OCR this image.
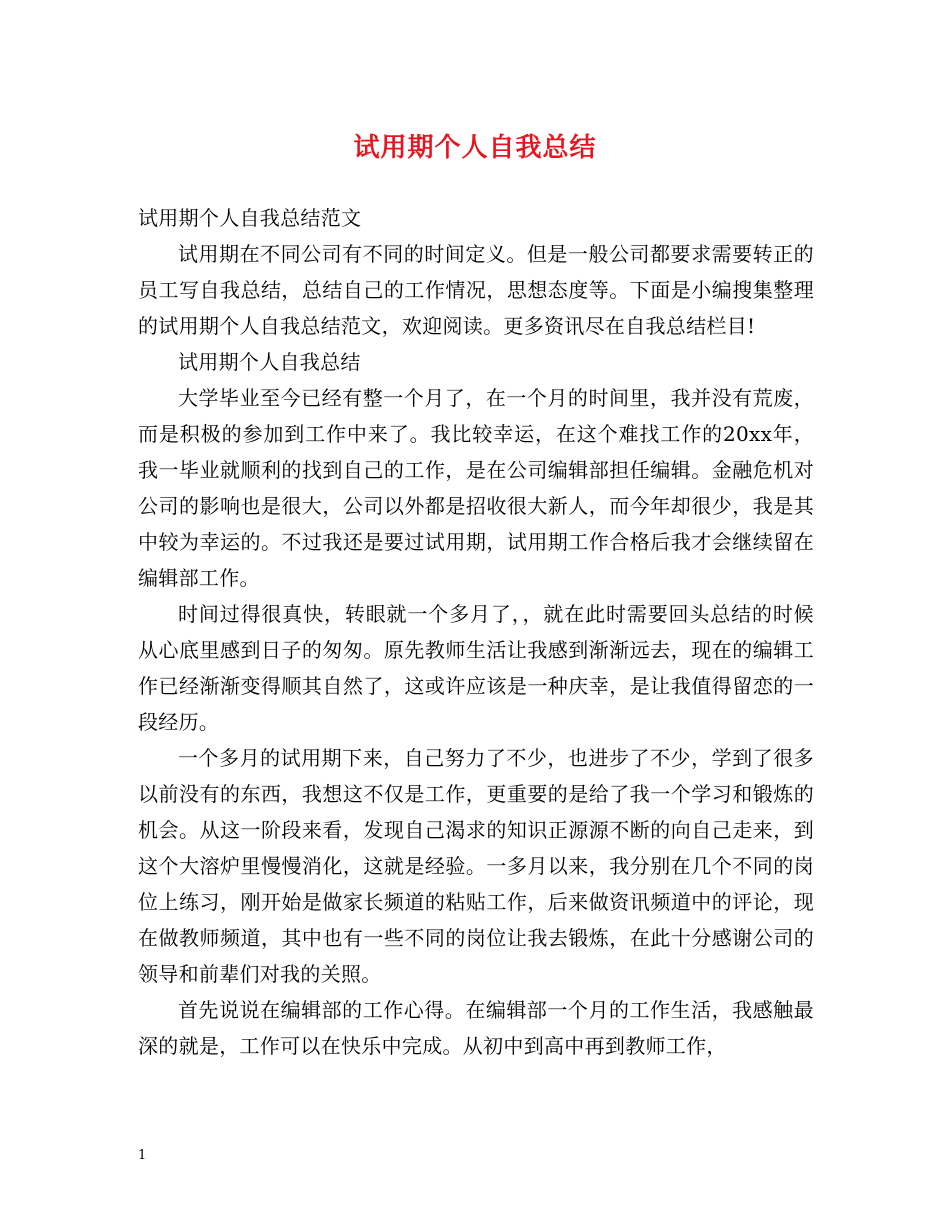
试用期个人自我总结

试用期个人自我总结范文

试用期在不同公司有不同的时间定义。但是一般公司都要求需要转正的员工写自我总结，总结自己的工作情况，思想态度等。下面是小编搜集整理的试用期个人自我总结范文，欢迎阅读。更多资讯尽在自我总结栏目!

试用期个人自我总结

大学毕业至今已经有整一个月了，在一个月的时间里，我并没有荒废，而是积极的参加到工作中来了。我比较幸运，在这个难找工作的20xx年，我一毕业就顺利的找到自己的工作，是在公司编辑部担任编辑。金融危机对公司的影响也是很大，公司以外都是招收很大新人，而今年却很少，我是其中较为幸运的。不过我还是要过试用期，试用期工作合格后我才会继续留在编辑部工作。

时间过得很真快，转眼就一个多月了，，就在此时需要回头总结的时候从心底里感到日子的匆匆。原先教师生活让我感到渐渐远去，现在的编辑工作已经渐渐变得顺其自然了，这或许应该是一种庆幸，是让我值得留恋的一段经历。

一个多月的试用期下来，自己努力了不少，也进步了不少，学到了很多以前没有的东西，我想这不仅是工作，更重要的是给了我一个学习和锻炼的机会。从这一阶段来看，发现自己渴求的知识正源源不断的向自己走来，到这个大溶炉里慢慢消化，这就是经验。一多月以来，我分别在几个不同的岗位上练习，刚开始是做家长频道的粘贴工作，后来做资讯频道中的评论，现在做教师频道，其中也有一些不同的岗位让我去锻炼，在此十分感谢公司的领导和前辈们对我的关照。

首先说说在编辑部的工作心得。在编辑部一个月的工作生活，我感触最深的就是，工作可以在快乐中完成。从初中到高中再到教师工作，

1
